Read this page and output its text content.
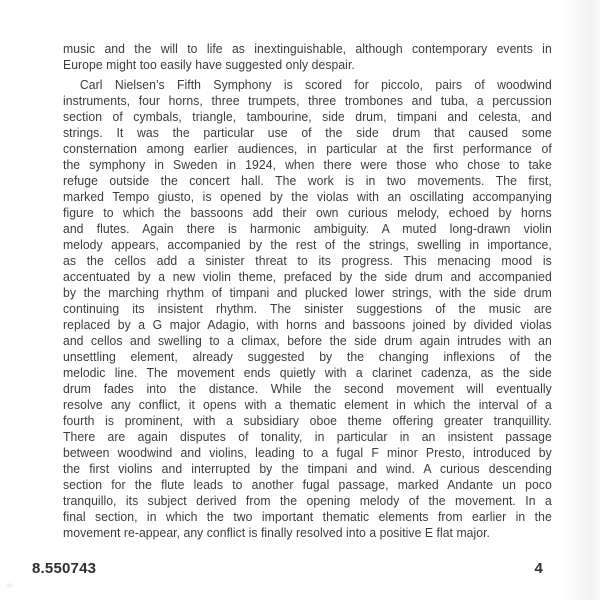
music and the will to life as inextinguishable, although contemporary events in
Europe might too easily have suggested only despair.
Carl Nielsen’s Fifth Symphony is scored for piccolo, pairs of woodwind
instruments, four horns, three trumpets, three trombones and tuba, a percussion
section of cymbals, triangle, tambourine, side drum, timpani and celesta, and
strings. It was the particular use of the side drum that caused some
consternation among earlier audiences, in particular at the first performance of
the symphony in Sweden in 1924, when there were those who chose to take
refuge outside the concert hall. The work is in two movements. The first,
marked Tempo giusto, is opened by the violas with an oscillating accompanying
figure to which the bassoons add their own curious melody, echoed by horns
and flutes. Again there is harmonic ambiguity. A muted long-drawn violin
melody appears, accompanied by the rest of the strings, swelling in importance,
as the cellos add a sinister threat to its progress. This menacing mood is
accentuated by a new violin theme, prefaced by the side drum and accompanied
by the marching rhythm of timpani and plucked lower strings, with the side drum
continuing its insistent rhythm. The sinister suggestions of the music are
replaced by a G major Adagio, with horns and bassoons joined by divided violas
and cellos and swelling to a climax, before the side drum again intrudes with an
unsettling element, already suggested by the changing inflexions of the
melodic line. The movement ends quietly with a clarinet cadenza, as the side
drum fades into the distance. While the second movement will eventually
resolve any conflict, it opens with a thematic element in which the interval of a
fourth is prominent, with a subsidiary oboe theme offering greater tranquillity.
There are again disputes of tonality, in particular in an insistent passage
between woodwind and violins, leading to a fugal F minor Presto, introduced by
the first violins and interrupted by the timpani and wind. A curious descending
section for the flute leads to another fugal passage, marked Andante un poco
tranquillo, its subject derived from the opening melody of the movement. In a
final section, in which the two important thematic elements from earlier in the
movement re-appear, any conflict is finally resolved into a positive E flat major.
8.550743	4
